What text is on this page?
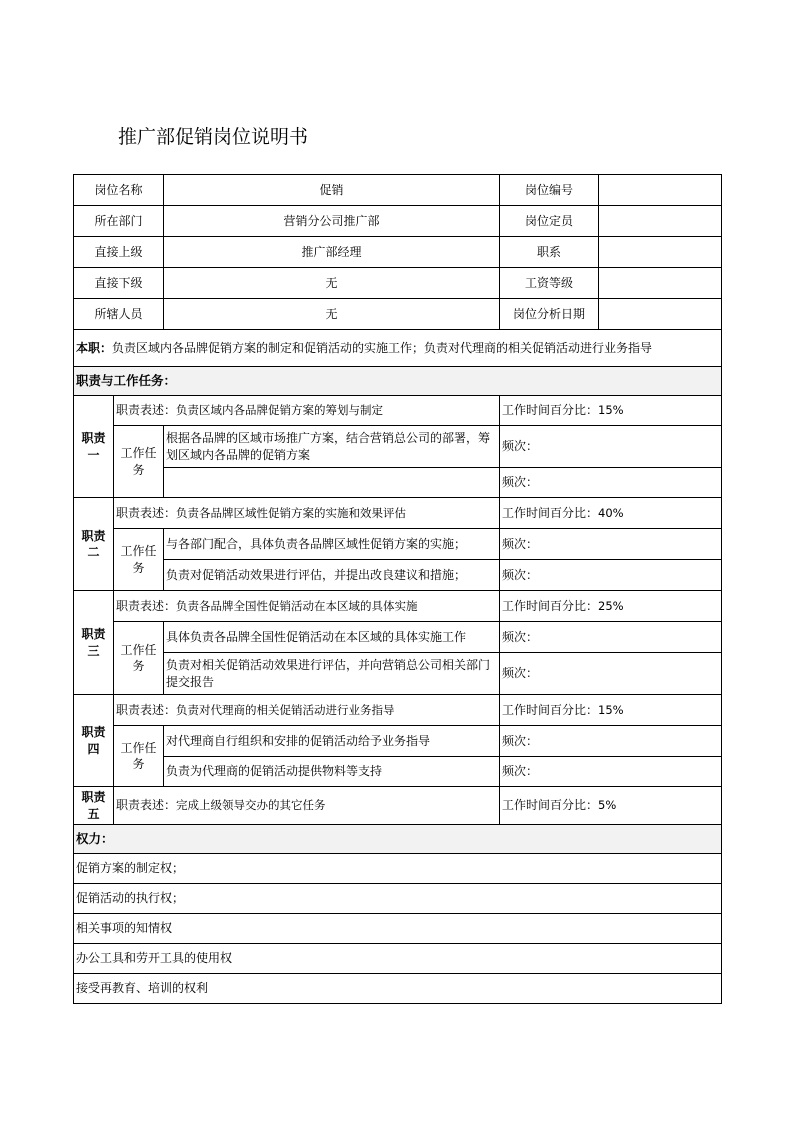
推广部促销岗位说明书
岗位名称		促销	岗位编号	
所在部门		营销分公司推广部	岗位定员	
直接上级		推广部经理	职系	
直接下级		无	工资等级	
所辖人员		无	岗位分析日期	
本职：负责区域内各品牌促销方案的制定和促销活动的实施工作；负责对代理商的相关促销活动进行业务指导				
职责与工作任务：				
职责一	职责表述：负责区域内各品牌促销方案的筹划与制定		工作时间百分比：15%	
	工作任务	根据各品牌的区域市场推广方案，结合营销总公司的部署，筹划区域内各品牌的促销方案	频次：	
			频次：	
职责二	职责表述：负责各品牌区域性促销方案的实施和效果评估		工作时间百分比：40%	
	工作任务	与各部门配合，具体负责各品牌区域性促销方案的实施；	频次：	
		负责对促销活动效果进行评估，并提出改良建议和措施；	频次：	
职责三	职责表述：负责各品牌全国性促销活动在本区域的具体实施		工作时间百分比：25%	
	工作任务	具体负责各品牌全国性促销活动在本区域的具体实施工作	频次：	
		负责对相关促销活动效果进行评估，并向营销总公司相关部门提交报告	频次：	
职责四	职责表述：负责对代理商的相关促销活动进行业务指导		工作时间百分比：15%	
	工作任务	对代理商自行组织和安排的促销活动给予业务指导	频次：	
		负责为代理商的促销活动提供物料等支持	频次：	
职责五	职责表述：完成上级领导交办的其它任务		工作时间百分比：5%	
权力：				
促销方案的制定权；				
促销活动的执行权；				
相关事项的知情权				
办公工具和劳开工具的使用权				
接受再教育、培训的权利				
